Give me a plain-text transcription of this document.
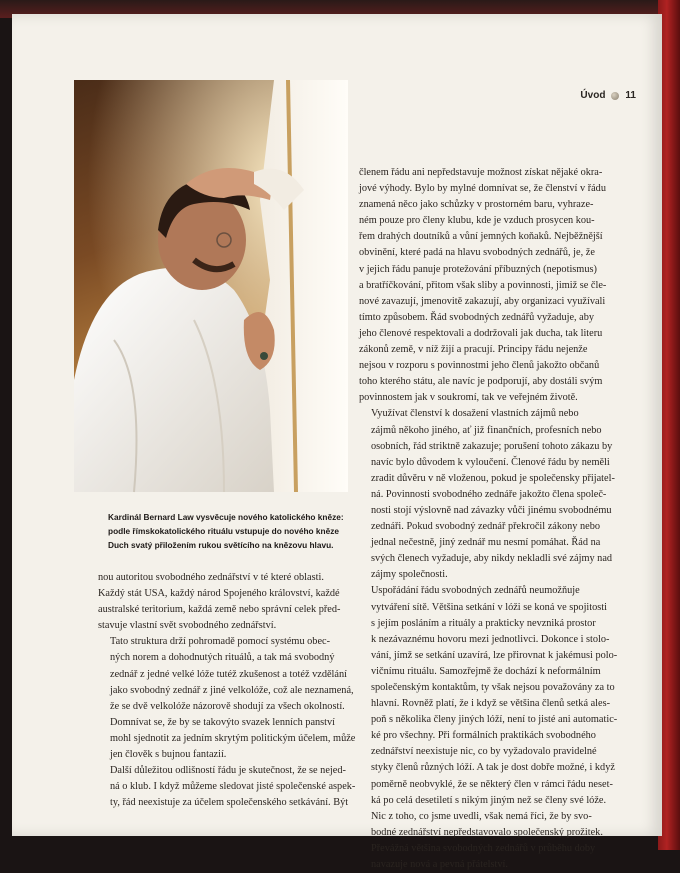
Úvod 11
Kardinál Bernard Law vysvěcuje nového katolického kněze:
podle římskokatolického rituálu vstupuje do nového kněze
Duch svatý přiložením rukou světícího na knězovu hlavu.

nou autoritou svobodného zednářství v té které oblasti.
Každý stát USA, každý národ Spojeného království, každé
australské teritorium, každá země nebo správní celek před-
stavuje vlastní svět svobodného zednářství.

Tato struktura drží pohromadě pomocí systému obec-
ných norem a dohodnutých rituálů, a tak má svobodný
zednář z jedné velké lóže tutéž zkušenost a totéž vzdělání
jako svobodný zednář z jiné velkolóže, což ale neznamená,
že se dvě velkolóže názorově shodují za všech okolností.
Domnívat se, že by se takovýto svazek lenních panství
mohl sjednotit za jedním skrytým politickým účelem, může
jen člověk s bujnou fantazií.

Další důležitou odlišností řádu je skutečnost, že se nejed-
ná o klub. I když můžeme sledovat jisté společenské aspek-
ty, řád neexistuje za účelem společenského setkávání. Být

členem řádu ani nepředstavuje možnost získat nějaké okra-
jové výhody. Bylo by mylné domnívat se, že členství v řádu
znamená něco jako schůzky v prostorném baru, vyhraze-
ném pouze pro členy klubu, kde je vzduch prosycen kou-
řem drahých doutníků a vůní jemných koňaků. Nejběžnější
obvinění, které padá na hlavu svobodných zednářů, je, že
v jejich řádu panuje protežování příbuzných (nepotismus)
a bratříčkování, přitom však sliby a povinnosti, jimiž se čle-
nové zavazují, jmenovitě zakazují, aby organizaci využívali
tímto způsobem. Řád svobodných zednářů vyžaduje, aby
jeho členové respektovali a dodržovali jak ducha, tak literu
zákonů země, v níž žijí a pracují. Principy řádu nejenže
nejsou v rozporu s povinnostmi jeho členů jakožto občanů
toho kterého státu, ale navíc je podporují, aby dostáli svým
povinnostem jak v soukromí, tak ve veřejném životě.

Využívat členství k dosažení vlastních zájmů nebo
zájmů někoho jiného, ať již finančních, profesních nebo
osobních, řád striktně zakazuje; porušení tohoto zákazu by
navíc bylo důvodem k vyloučení. Členové řádu by neměli
zradit důvěru v ně vloženou, pokud je společensky přijatel-
ná. Povinnosti svobodného zednáře jakožto člena společ-
nosti stojí výslovně nad závazky vůči jinému svobodnému
zednáři. Pokud svobodný zednář překročil zákony nebo
jednal nečestně, jiný zednář mu nesmí pomáhat. Řád na
svých členech vyžaduje, aby nikdy nekladli své zájmy nad
zájmy společnosti.

Uspořádání řádu svobodných zednářů neumožňuje
vytváření sítě. Většina setkání v lóži se koná ve spojitosti
s jejím posláním a rituály a prakticky nevzniká prostor
k nezávaznému hovoru mezi jednotlivci. Dokonce i stolo-
vání, jímž se setkání uzavírá, lze přirovnat k jakémusi polo-
vičnímu rituálu. Samozřejmě že dochází k neformálním
společenským kontaktům, ty však nejsou považovány za to
hlavní. Rovněž platí, že i když se většina členů setká ales-
poň s několika členy jiných lóží, není to jisté ani automatic-
ké pro všechny. Při formálních praktikách svobodného
zednářství neexistuje nic, co by vyžadovalo pravidelné
styky členů různých lóží. A tak je dost dobře možné, i když
poměrně neobvyklé, že se některý člen v rámci řádu neset-
ká po celá desetiletí s nikým jiným než se členy své lóže.

Nic z toho, co jsme uvedli, však nemá říci, že by svo-
bodné zednářství nepředstavovalo společenský prožitek.
Převážná většina svobodných zednářů v průběhu doby
navazuje nová a pevná přátelství.
